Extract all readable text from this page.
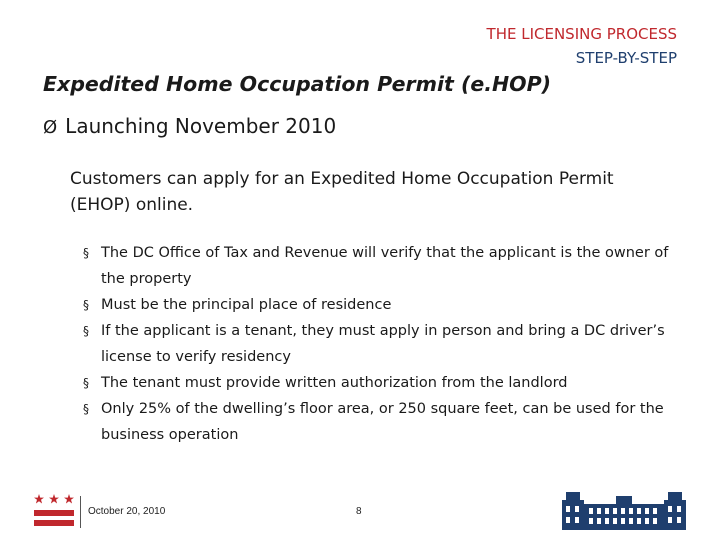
THE LICENSING PROCESS
STEP-BY-STEP
Expedited Home Occupation Permit (e.HOP)
Ø Launching November 2010
Customers can apply for an Expedited Home Occupation Permit (EHOP) online.
§ The DC Office of Tax and Revenue will verify that the applicant is the owner of the property
§ Must be the principal place of residence
§ If the applicant is a tenant, they must apply in person and bring a DC driver’s license to verify residency
§ The tenant must provide written authorization from the landlord
§ Only 25% of the dwelling’s floor area, or 250 square feet, can be used for the business operation
October 20, 2010	8
